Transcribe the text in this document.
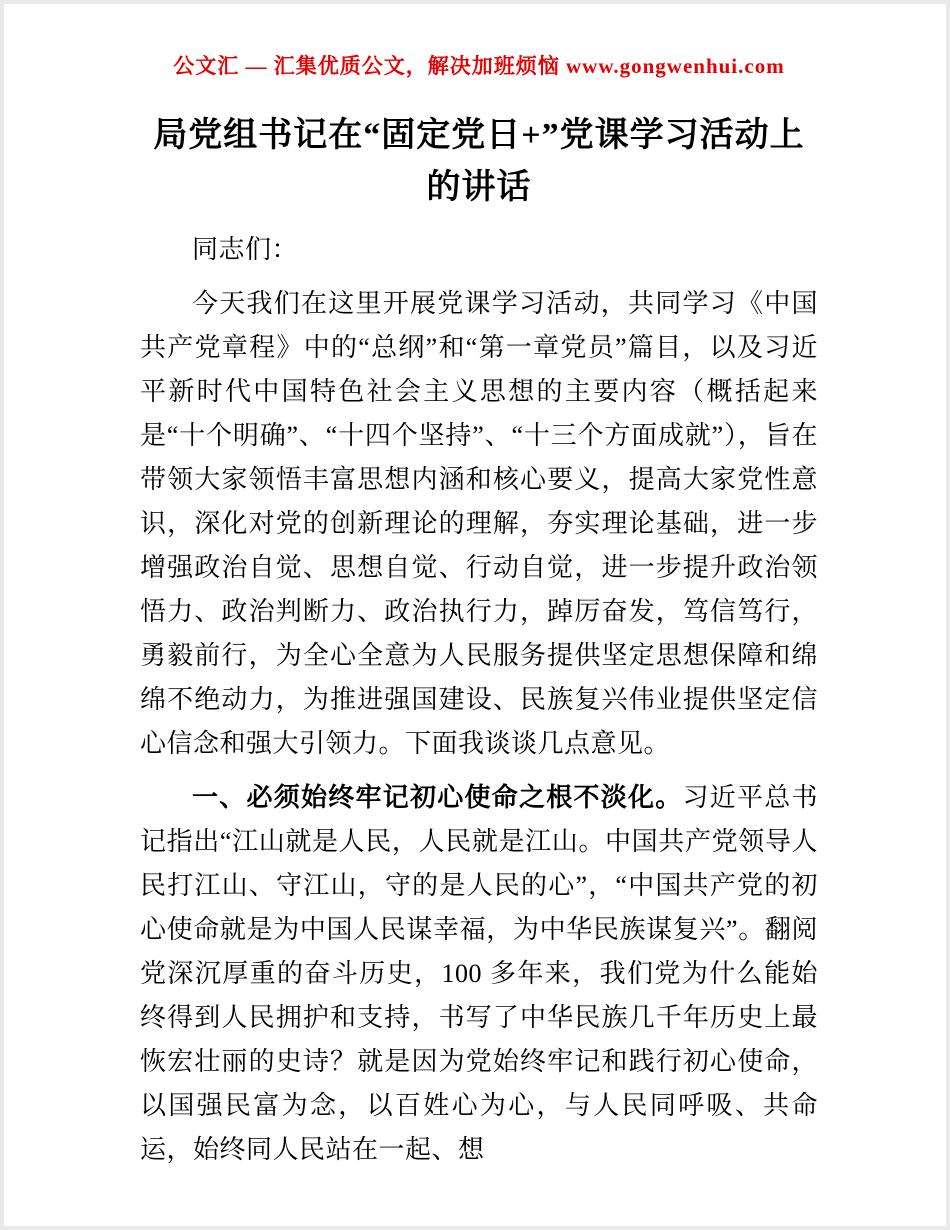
公文汇 — 汇集优质公文，解决加班烦恼 www.gongwenhui.com
局党组书记在“固定党日+”党课学习活动上的讲话

同志们：

今天我们在这里开展党课学习活动，共同学习《中国共产党章程》中的“总纲”和“第一章党员”篇目，以及习近平新时代中国特色社会主义思想的主要内容（概括起来是“十个明确”、“十四个坚持”、“十三个方面成就”），旨在带领大家领悟丰富思想内涵和核心要义，提高大家党性意识，深化对党的创新理论的理解，夯实理论基础，进一步增强政治自觉、思想自觉、行动自觉，进一步提升政治领悟力、政治判断力、政治执行力，踔厉奋发，笃信笃行，勇毅前行，为全心全意为人民服务提供坚定思想保障和绵绵不绝动力，为推进强国建设、民族复兴伟业提供坚定信心信念和强大引领力。下面我谈谈几点意见。

一、必须始终牢记初心使命之根不淡化。习近平总书记指出“江山就是人民，人民就是江山。中国共产党领导人民打江山、守江山，守的是人民的心”，“中国共产党的初心使命就是为中国人民谋幸福，为中华民族谋复兴”。翻阅党深沉厚重的奋斗历史，100 多年来，我们党为什么能始终得到人民拥护和支持，书写了中华民族几千年历史上最恢宏壮丽的史诗？就是因为党始终牢记和践行初心使命，以国强民富为念，以百姓心为心，与人民同呼吸、共命运，始终同人民站在一起、想
